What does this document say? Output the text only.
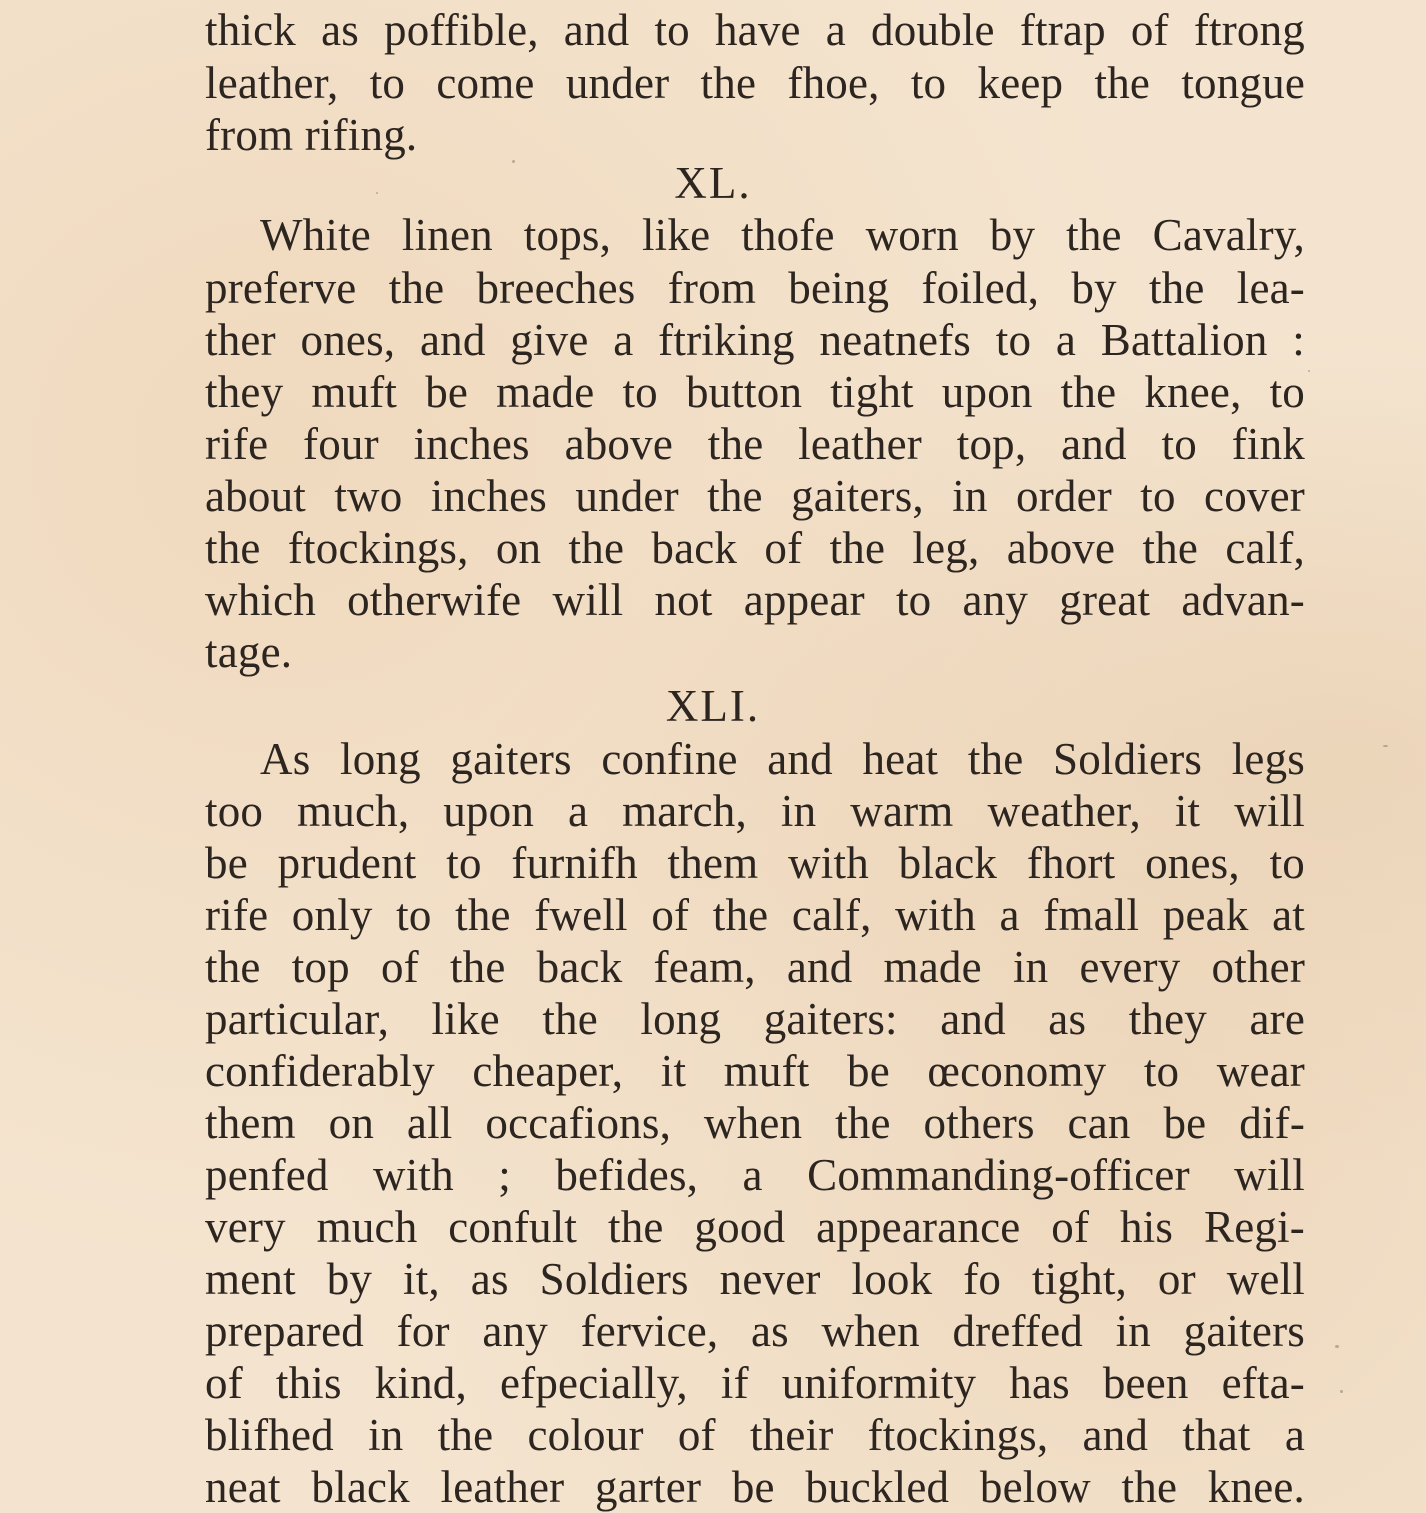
thick as poffible, and to have a double ftrap of ftrong
leather, to come under the fhoe, to keep the tongue
from rifing.
XL.
White linen tops, like thofe worn by the Cavalry,
preferve the breeches from being foiled, by the lea-
ther ones, and give a ftriking neatnefs to a Battalion :
they muft be made to button tight upon the knee, to
rife four inches above the leather top, and to fink
about two inches under the gaiters, in order to cover
the ftockings, on the back of the leg, above the calf,
which otherwife will not appear to any great advan-
tage.
XLI.
As long gaiters confine and heat the Soldiers legs
too much, upon a march, in warm weather, it will
be prudent to furnifh them with black fhort ones, to
rife only to the fwell of the calf, with a fmall peak at
the top of the back feam, and made in every other
particular, like the long gaiters: and as they are
confiderably cheaper, it muft be œconomy to wear
them on all occafions, when the others can be dif-
penfed with ; befides, a Commanding-officer will
very much confult the good appearance of his Regi-
ment by it, as Soldiers never look fo tight, or well
prepared for any fervice, as when dreffed in gaiters
of this kind, efpecially, if uniformity has been efta-
blifhed in the colour of their ftockings, and that a
neat black leather garter be buckled below the knee.
